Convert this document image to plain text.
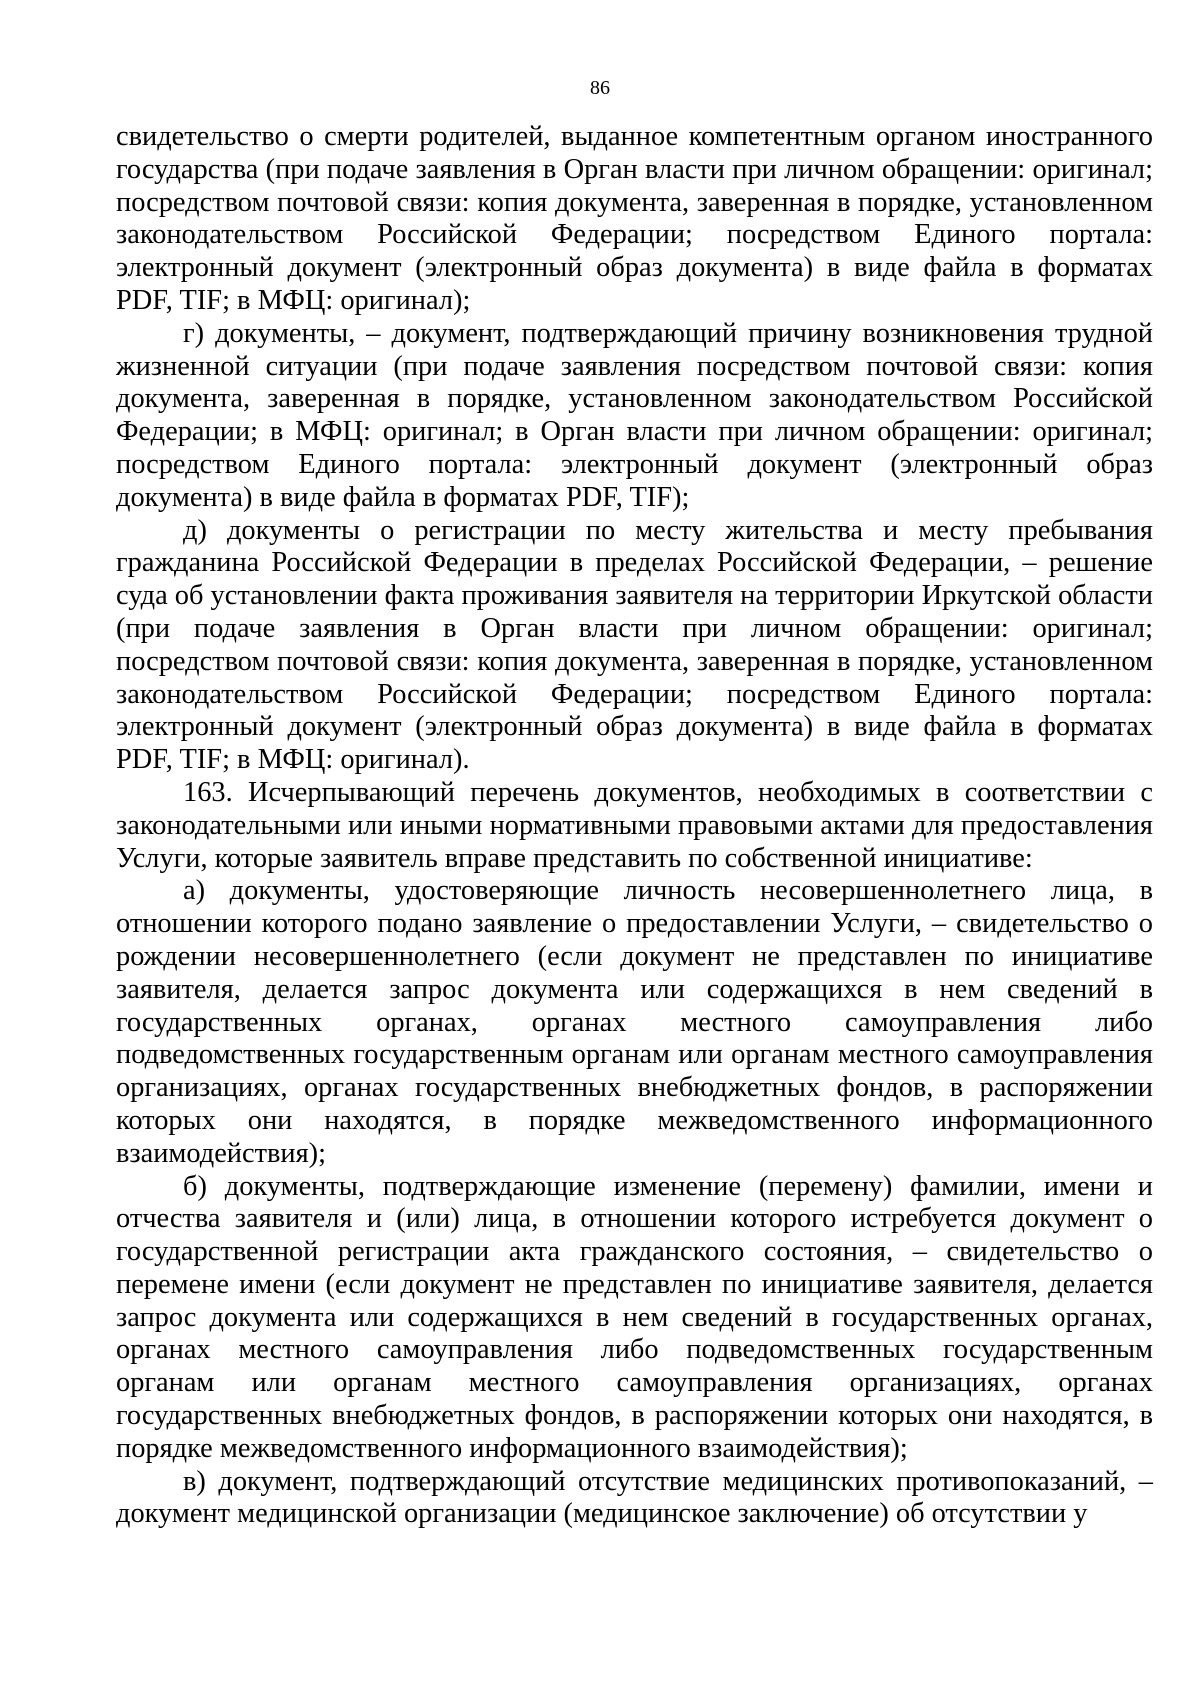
86

свидетельство о смерти родителей, выданное компетентным органом иностранного государства (при подаче заявления в Орган власти при личном обращении: оригинал; посредством почтовой связи: копия документа, заверенная в порядке, установленном законодательством Российской Федерации; посредством Единого портала: электронный документ (электронный образ документа) в виде файла в форматах PDF, TIF; в МФЦ: оригинал);

г) документы, – документ, подтверждающий причину возникновения трудной жизненной ситуации (при подаче заявления посредством почтовой связи: копия документа, заверенная в порядке, установленном законодательством Российской Федерации; в МФЦ: оригинал; в Орган власти при личном обращении: оригинал; посредством Единого портала: электронный документ (электронный образ документа) в виде файла в форматах PDF, TIF);

д) документы о регистрации по месту жительства и месту пребывания гражданина Российской Федерации в пределах Российской Федерации, – решение суда об установлении факта проживания заявителя на территории Иркутской области (при подаче заявления в Орган власти при личном обращении: оригинал; посредством почтовой связи: копия документа, заверенная в порядке, установленном законодательством Российской Федерации; посредством Единого портала: электронный документ (электронный образ документа) в виде файла в форматах PDF, TIF; в МФЦ: оригинал).

163. Исчерпывающий перечень документов, необходимых в соответствии с законодательными или иными нормативными правовыми актами для предоставления Услуги, которые заявитель вправе представить по собственной инициативе:

а) документы, удостоверяющие личность несовершеннолетнего лица, в отношении которого подано заявление о предоставлении Услуги, – свидетельство о рождении несовершеннолетнего (если документ не представлен по инициативе заявителя, делается запрос документа или содержащихся в нем сведений в государственных органах, органах местного самоуправления либо подведомственных государственным органам или органам местного самоуправления организациях, органах государственных внебюджетных фондов, в распоряжении которых они находятся, в порядке межведомственного информационного взаимодействия);

б) документы, подтверждающие изменение (перемену) фамилии, имени и отчества заявителя и (или) лица, в отношении которого истребуется документ о государственной регистрации акта гражданского состояния, – свидетельство о перемене имени (если документ не представлен по инициативе заявителя, делается запрос документа или содержащихся в нем сведений в государственных органах, органах местного самоуправления либо подведомственных государственным органам или органам местного самоуправления организациях, органах государственных внебюджетных фондов, в распоряжении которых они находятся, в порядке межведомственного информационного взаимодействия);

в) документ, подтверждающий отсутствие медицинских противопоказаний, – документ медицинской организации (медицинское заключение) об отсутствии у
